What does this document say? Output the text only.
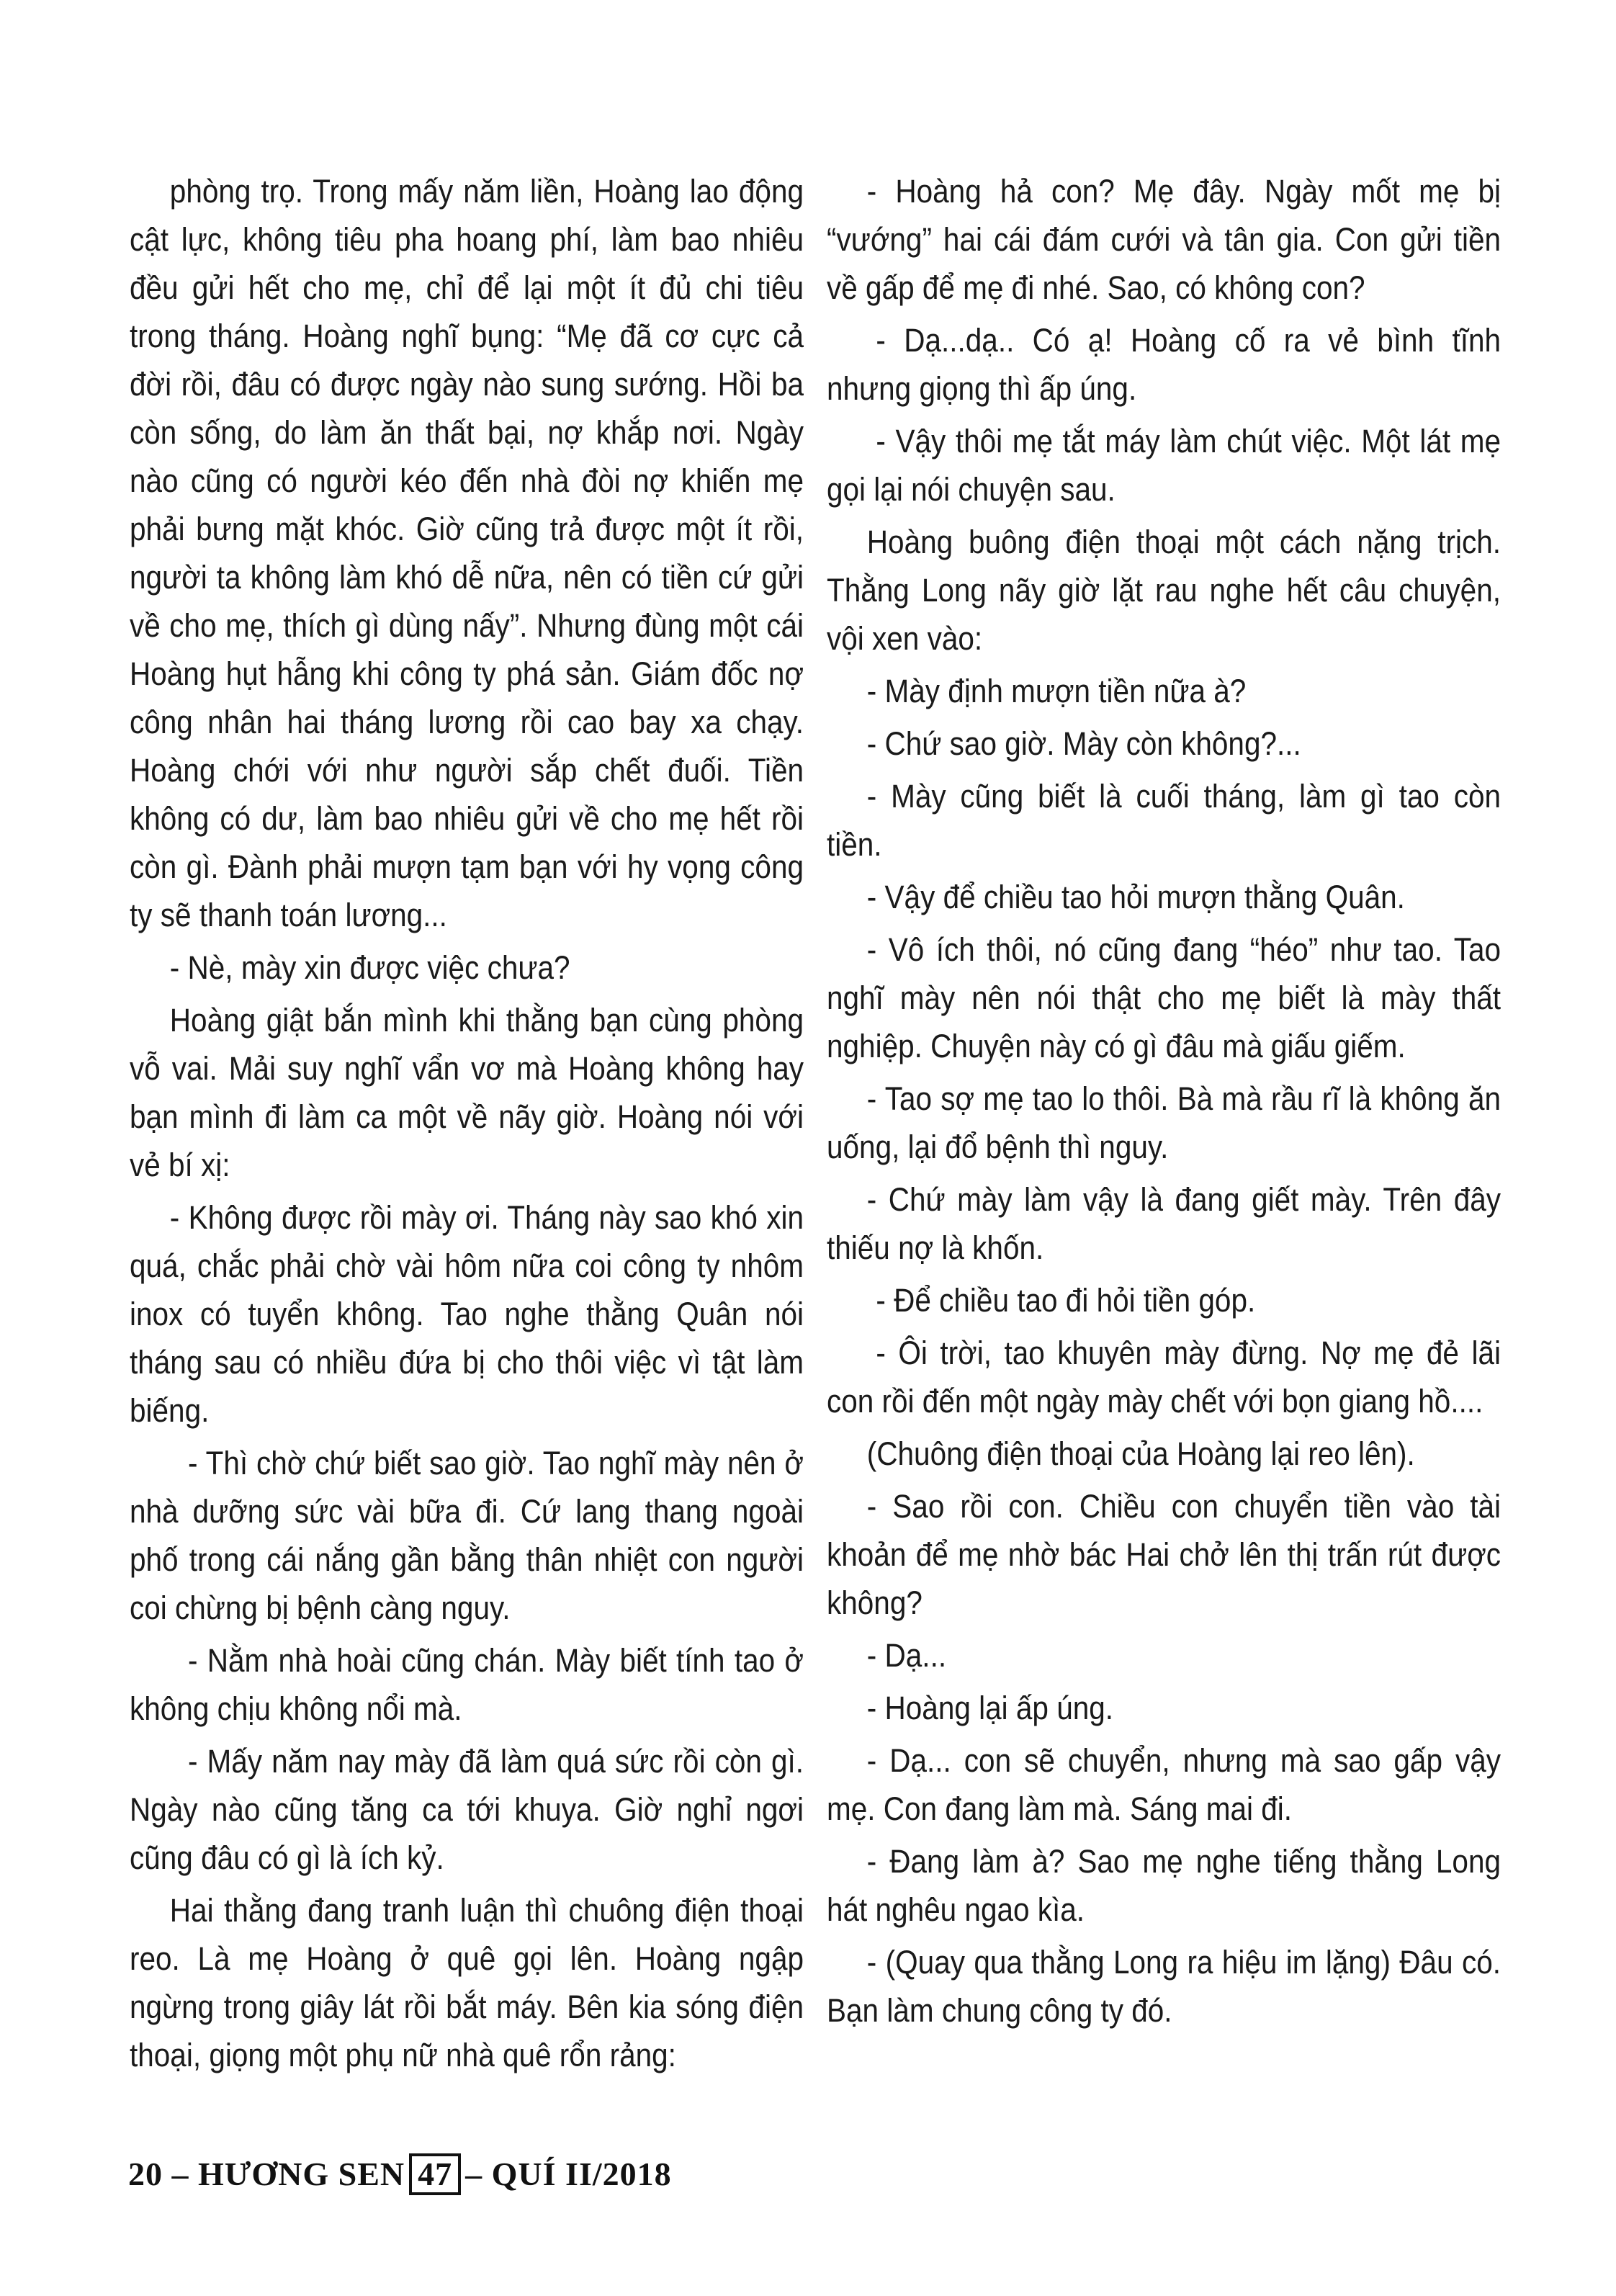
phòng trọ. Trong mấy năm liền, Hoàng lao động cật lực, không tiêu pha hoang phí, làm bao nhiêu đều gửi hết cho mẹ, chỉ để lại một ít đủ chi tiêu trong tháng. Hoàng nghĩ bụng: “Mẹ đã cơ cực cả đời rồi, đâu có được ngày nào sung sướng. Hồi ba còn sống, do làm ăn thất bại, nợ khắp nơi. Ngày nào cũng có người kéo đến nhà đòi nợ khiến mẹ phải bưng mặt khóc. Giờ cũng trả được một ít rồi, người ta không làm khó dễ nữa, nên có tiền cứ gửi về cho mẹ, thích gì dùng nấy”. Nhưng đùng một cái Hoàng hụt hẫng khi công ty phá sản. Giám đốc nợ công nhân hai tháng lương rồi cao bay xa chạy. Hoàng chới với như người sắp chết đuối. Tiền không có dư, làm bao nhiêu gửi về cho mẹ hết rồi còn gì. Đành phải mượn tạm bạn với hy vọng công ty sẽ thanh toán lương...

- Nè, mày xin được việc chưa?

Hoàng giật bắn mình khi thằng bạn cùng phòng vỗ vai. Mải suy nghĩ vẩn vơ mà Hoàng không hay bạn mình đi làm ca một về nãy giờ. Hoàng nói với vẻ bí xị:

- Không được rồi mày ơi. Tháng này sao khó xin quá, chắc phải chờ vài hôm nữa coi công ty nhôm inox có tuyển không. Tao nghe thằng Quân nói tháng sau có nhiều đứa bị cho thôi việc vì tật làm biếng.

- Thì chờ chứ biết sao giờ. Tao nghĩ mày nên ở nhà dưỡng sức vài bữa đi. Cứ lang thang ngoài phố trong cái nắng gần bằng thân nhiệt con người coi chừng bị bệnh càng nguy.

- Nằm nhà hoài cũng chán. Mày biết tính tao ở không chịu không nổi mà.

- Mấy năm nay mày đã làm quá sức rồi còn gì. Ngày nào cũng tăng ca tới khuya. Giờ nghỉ ngơi cũng đâu có gì là ích kỷ.

Hai thằng đang tranh luận thì chuông điện thoại reo. Là mẹ Hoàng ở quê gọi lên. Hoàng ngập ngừng trong giây lát rồi bắt máy. Bên kia sóng điện thoại, giọng một phụ nữ nhà quê rổn rảng:

- Hoàng hả con? Mẹ đây. Ngày mốt mẹ bị “vướng” hai cái đám cưới và tân gia. Con gửi tiền về gấp để mẹ đi nhé. Sao, có không con?

- Dạ...dạ.. Có ạ! Hoàng cố ra vẻ bình tĩnh nhưng giọng thì ấp úng.

- Vậy thôi mẹ tắt máy làm chút việc. Một lát mẹ gọi lại nói chuyện sau.

Hoàng buông điện thoại một cách nặng trịch. Thằng Long nãy giờ lặt rau nghe hết câu chuyện, vội xen vào:

- Mày định mượn tiền nữa à?

- Chứ sao giờ. Mày còn không?...

- Mày cũng biết là cuối tháng, làm gì tao còn tiền.

- Vậy để chiều tao hỏi mượn thằng Quân.

- Vô ích thôi, nó cũng đang “héo” như tao. Tao nghĩ mày nên nói thật cho mẹ biết là mày thất nghiệp. Chuyện này có gì đâu mà giấu giếm.

- Tao sợ mẹ tao lo thôi. Bà mà rầu rĩ là không ăn uống, lại đổ bệnh thì nguy.

- Chứ mày làm vậy là đang giết mày. Trên đây thiếu nợ là khốn.

- Để chiều tao đi hỏi tiền góp.

- Ôi trời, tao khuyên mày đừng. Nợ mẹ đẻ lãi con rồi đến một ngày mày chết với bọn giang hồ....

(Chuông điện thoại của Hoàng lại reo lên).

- Sao rồi con. Chiều con chuyển tiền vào tài khoản để mẹ nhờ bác Hai chở lên thị trấn rút được không?

- Dạ...

- Hoàng lại ấp úng.

- Dạ... con sẽ chuyển, nhưng mà sao gấp vậy mẹ. Con đang làm mà. Sáng mai đi.

- Đang làm à? Sao mẹ nghe tiếng thằng Long hát nghêu ngao kìa.

- (Quay qua thằng Long ra hiệu im lặng) Đâu có. Bạn làm chung công ty đó.

20 – HƯƠNG SEN 47 – QUÍ II/2018
